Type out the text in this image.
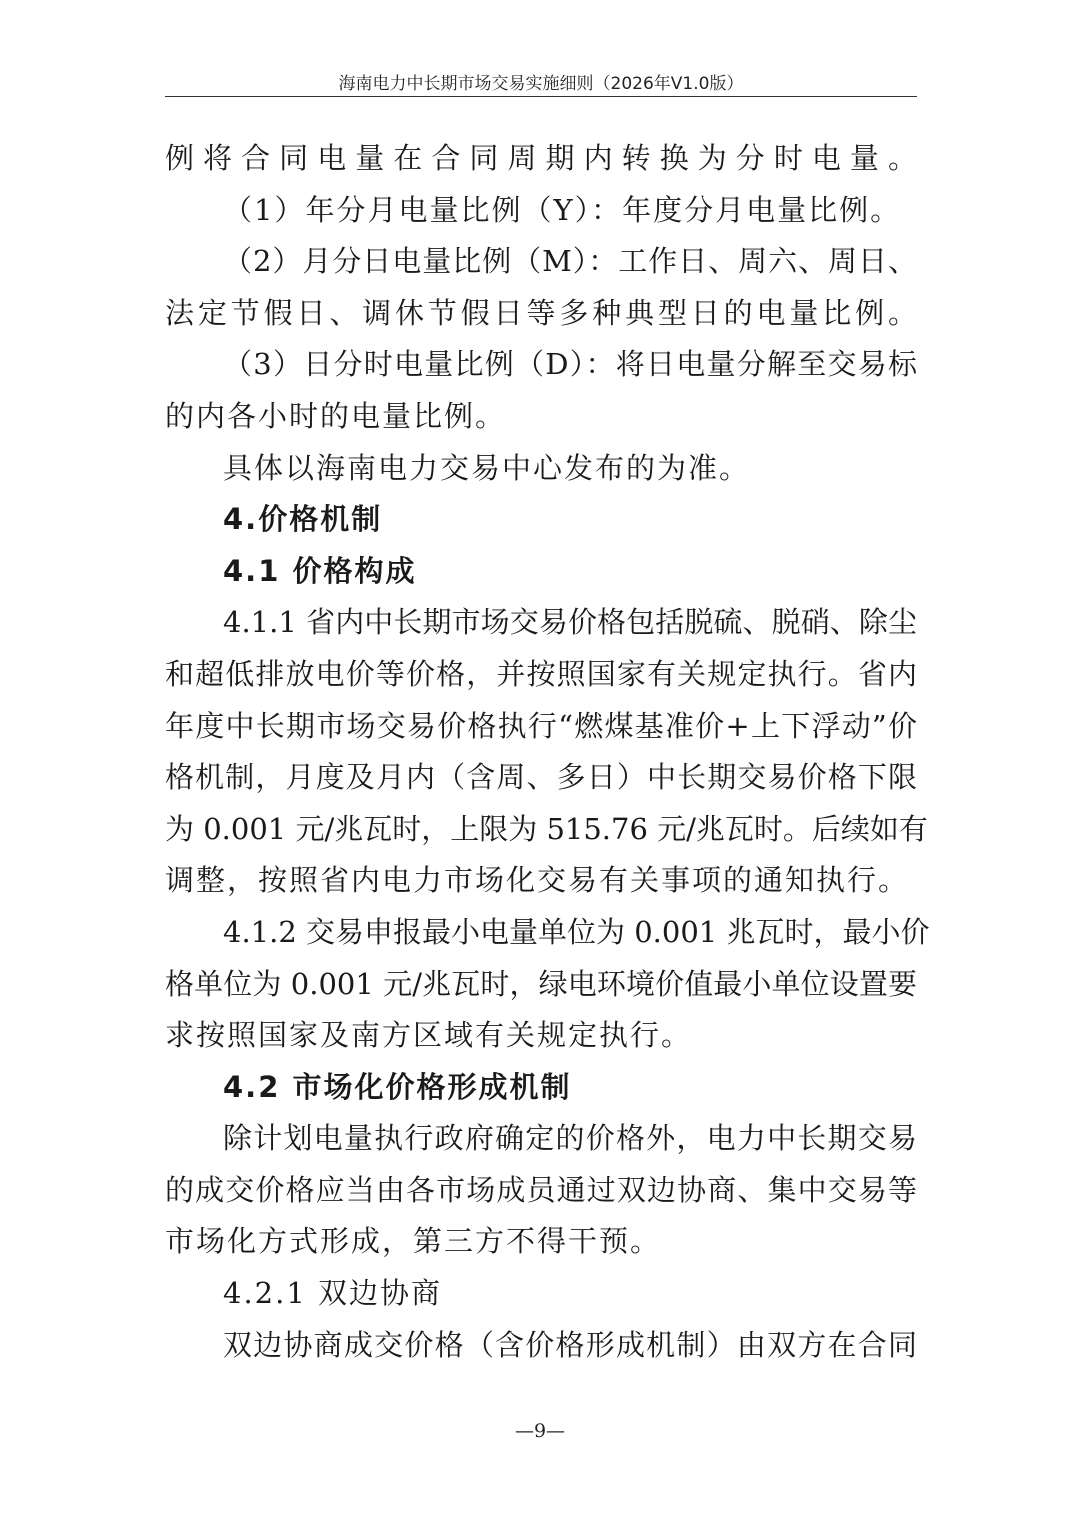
海南电力中长期市场交易实施细则（2026年V1.0版）
例将合同电量在合同周期内转换为分时电量。
（1）年分月电量比例（Y）：年度分月电量比例。
（2）月分日电量比例（M）：工作日、周六、周日、
法定节假日、调休节假日等多种典型日的电量比例。
（3）日分时电量比例（D）：将日电量分解至交易标
的内各小时的电量比例。
具体以海南电力交易中心发布的为准。
4.价格机制
4.1 价格构成
4.1.1 省内中长期市场交易价格包括脱硫、脱硝、除尘
和超低排放电价等价格，并按照国家有关规定执行。省内
年度中长期市场交易价格执行“燃煤基准价+上下浮动”价
格机制，月度及月内（含周、多日）中长期交易价格下限
为 0.001 元/兆瓦时，上限为 515.76 元/兆瓦时。后续如有
调整，按照省内电力市场化交易有关事项的通知执行。
4.1.2 交易申报最小电量单位为 0.001 兆瓦时，最小价
格单位为 0.001 元/兆瓦时，绿电环境价值最小单位设置要
求按照国家及南方区域有关规定执行。
4.2 市场化价格形成机制
除计划电量执行政府确定的价格外，电力中长期交易
的成交价格应当由各市场成员通过双边协商、集中交易等
市场化方式形成，第三方不得干预。
4.2.1 双边协商
双边协商成交价格（含价格形成机制）由双方在合同
—9—
